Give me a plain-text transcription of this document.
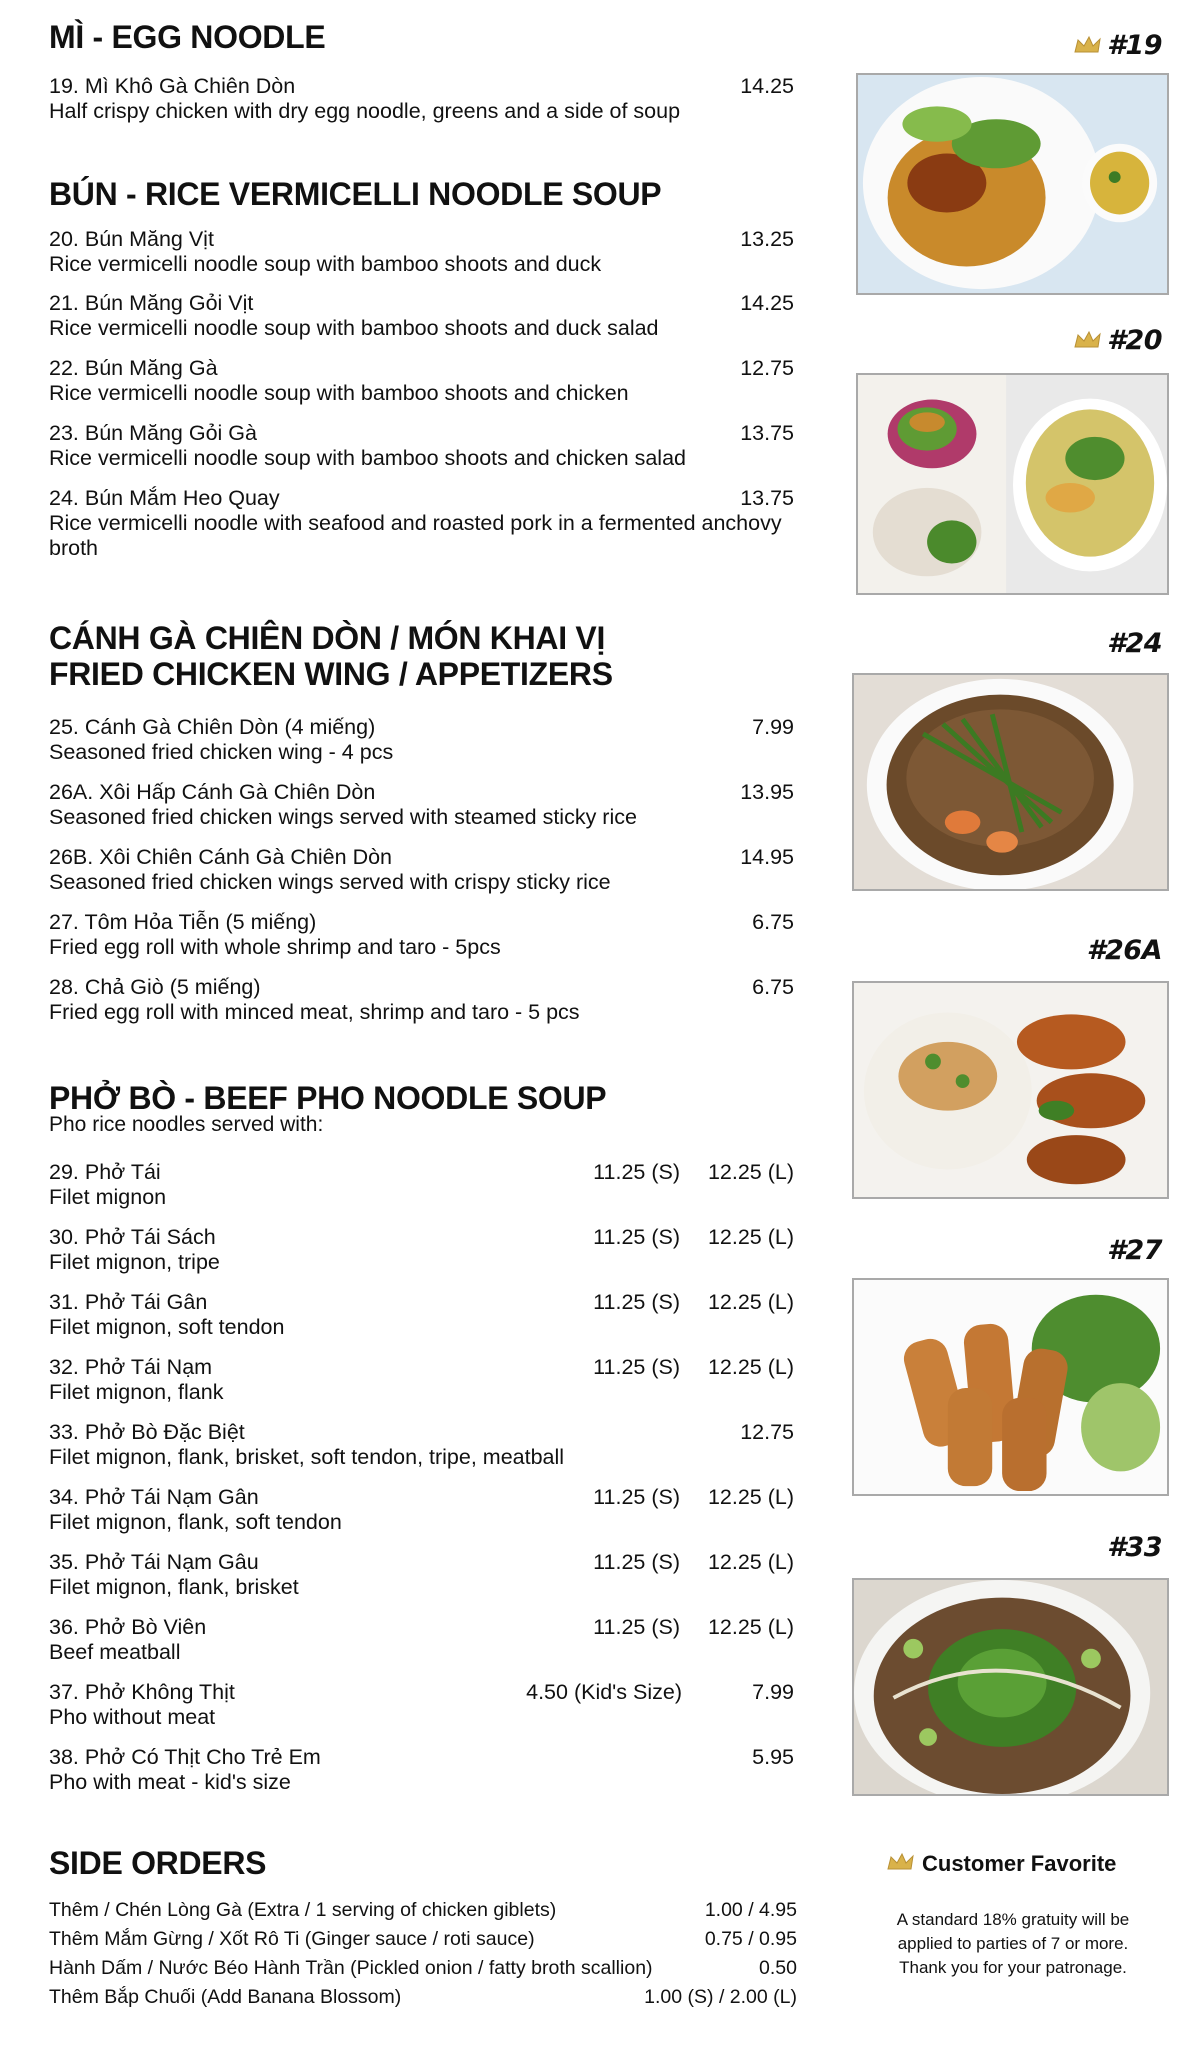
MÌ - EGG NOODLE
19. Mì Khô Gà Chiên Dòn	14.25
Half crispy chicken with dry egg noodle, greens and a side of soup
BÚN - RICE VERMICELLI NOODLE SOUP
20. Bún Măng Vịt	13.25
Rice vermicelli noodle soup with bamboo shoots and duck
21. Bún Măng Gỏi Vịt	14.25
Rice vermicelli noodle soup with bamboo shoots and duck salad
22. Bún Măng Gà	12.75
Rice vermicelli noodle soup with bamboo shoots and chicken
23. Bún Măng Gỏi Gà	13.75
Rice vermicelli noodle soup with bamboo shoots and chicken salad
24. Bún Mắm Heo Quay	13.75
Rice vermicelli noodle with seafood and roasted pork in a fermented anchovy broth
CÁNH GÀ CHIÊN DÒN / MÓN KHAI VỊ
FRIED CHICKEN WING / APPETIZERS
25. Cánh Gà Chiên Dòn (4 miếng)	7.99
Seasoned fried chicken wing - 4 pcs
26A. Xôi Hấp Cánh Gà Chiên Dòn	13.95
Seasoned fried chicken wings served with steamed sticky rice
26B. Xôi Chiên Cánh Gà Chiên Dòn	14.95
Seasoned fried chicken wings served with crispy sticky rice
27. Tôm Hỏa Tiễn (5 miếng)	6.75
Fried egg roll with whole shrimp and taro - 5pcs
28. Chả Giò (5 miếng)	6.75
Fried egg roll with minced meat, shrimp and taro - 5 pcs
PHỞ BÒ - BEEF PHO NOODLE SOUP
Pho rice noodles served with:
29. Phở Tái	11.25 (S) 12.25 (L)
Filet mignon
30. Phở Tái Sách	11.25 (S) 12.25 (L)
Filet mignon, tripe
31. Phở Tái Gân	11.25 (S) 12.25 (L)
Filet mignon, soft tendon
32. Phở Tái Nạm	11.25 (S) 12.25 (L)
Filet mignon, flank
33. Phở Bò Đặc Biệt	12.75
Filet mignon, flank, brisket, soft tendon, tripe, meatball
34. Phở Tái Nạm Gân	11.25 (S) 12.25 (L)
Filet mignon, flank, soft tendon
35. Phở Tái Nạm Gâu	11.25 (S) 12.25 (L)
Filet mignon, flank, brisket
36. Phở Bò Viên	11.25 (S) 12.25 (L)
Beef meatball
37. Phở Không Thịt	4.50 (Kid's Size)	7.99
Pho without meat
38. Phở Có Thịt Cho Trẻ Em	5.95
Pho with meat - kid's size
SIDE ORDERS
Thêm / Chén Lòng Gà (Extra / 1 serving of chicken giblets)	1.00 / 4.95
Thêm Mắm Gừng / Xốt Rô Ti (Ginger sauce / roti sauce)	0.75 / 0.95
Hành Dấm / Nước Béo Hành Trần (Pickled onion / fatty broth scallion)	0.50
Thêm Bắp Chuối (Add Banana Blossom)	1.00 (S) / 2.00 (L)
#19
#20
#24
#26A
#27
#33
Customer Favorite
A standard 18% gratuity will be
applied to parties of 7 or more.
Thank you for your patronage.
